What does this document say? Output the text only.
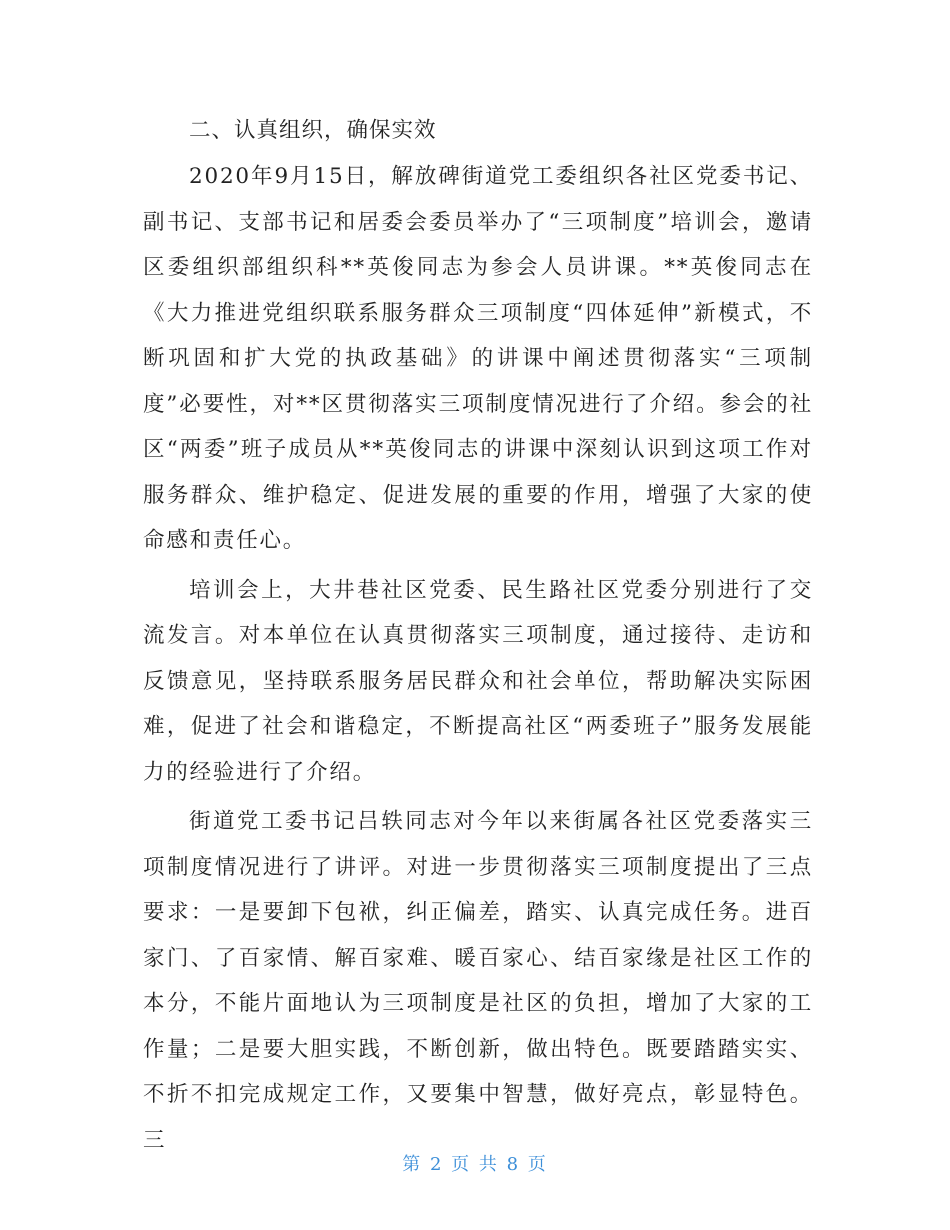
二、认真组织，确保实效

2020年9月15日，解放碑街道党工委组织各社区党委书记、副书记、支部书记和居委会委员举办了“三项制度”培训会，邀请区委组织部组织科**英俊同志为参会人员讲课。**英俊同志在《大力推进党组织联系服务群众三项制度“四体延伸”新模式，不断巩固和扩大党的执政基础》的讲课中阐述贯彻落实“三项制度”必要性，对**区贯彻落实三项制度情况进行了介绍。参会的社区“两委”班子成员从**英俊同志的讲课中深刻认识到这项工作对服务群众、维护稳定、促进发展的重要的作用，增强了大家的使命感和责任心。

培训会上，大井巷社区党委、民生路社区党委分别进行了交流发言。对本单位在认真贯彻落实三项制度，通过接待、走访和反馈意见，坚持联系服务居民群众和社会单位，帮助解决实际困难，促进了社会和谐稳定，不断提高社区“两委班子”服务发展能力的经验进行了介绍。

街道党工委书记吕轶同志对今年以来街属各社区党委落实三项制度情况进行了讲评。对进一步贯彻落实三项制度提出了三点要求：一是要卸下包袱，纠正偏差，踏实、认真完成任务。进百家门、了百家情、解百家难、暖百家心、结百家缘是社区工作的本分，不能片面地认为三项制度是社区的负担，增加了大家的工作量；二是要大胆实践，不断创新，做出特色。既要踏踏实实、不折不扣完成规定工作，又要集中智慧，做好亮点，彰显特色。三

第 2 页 共 8 页
